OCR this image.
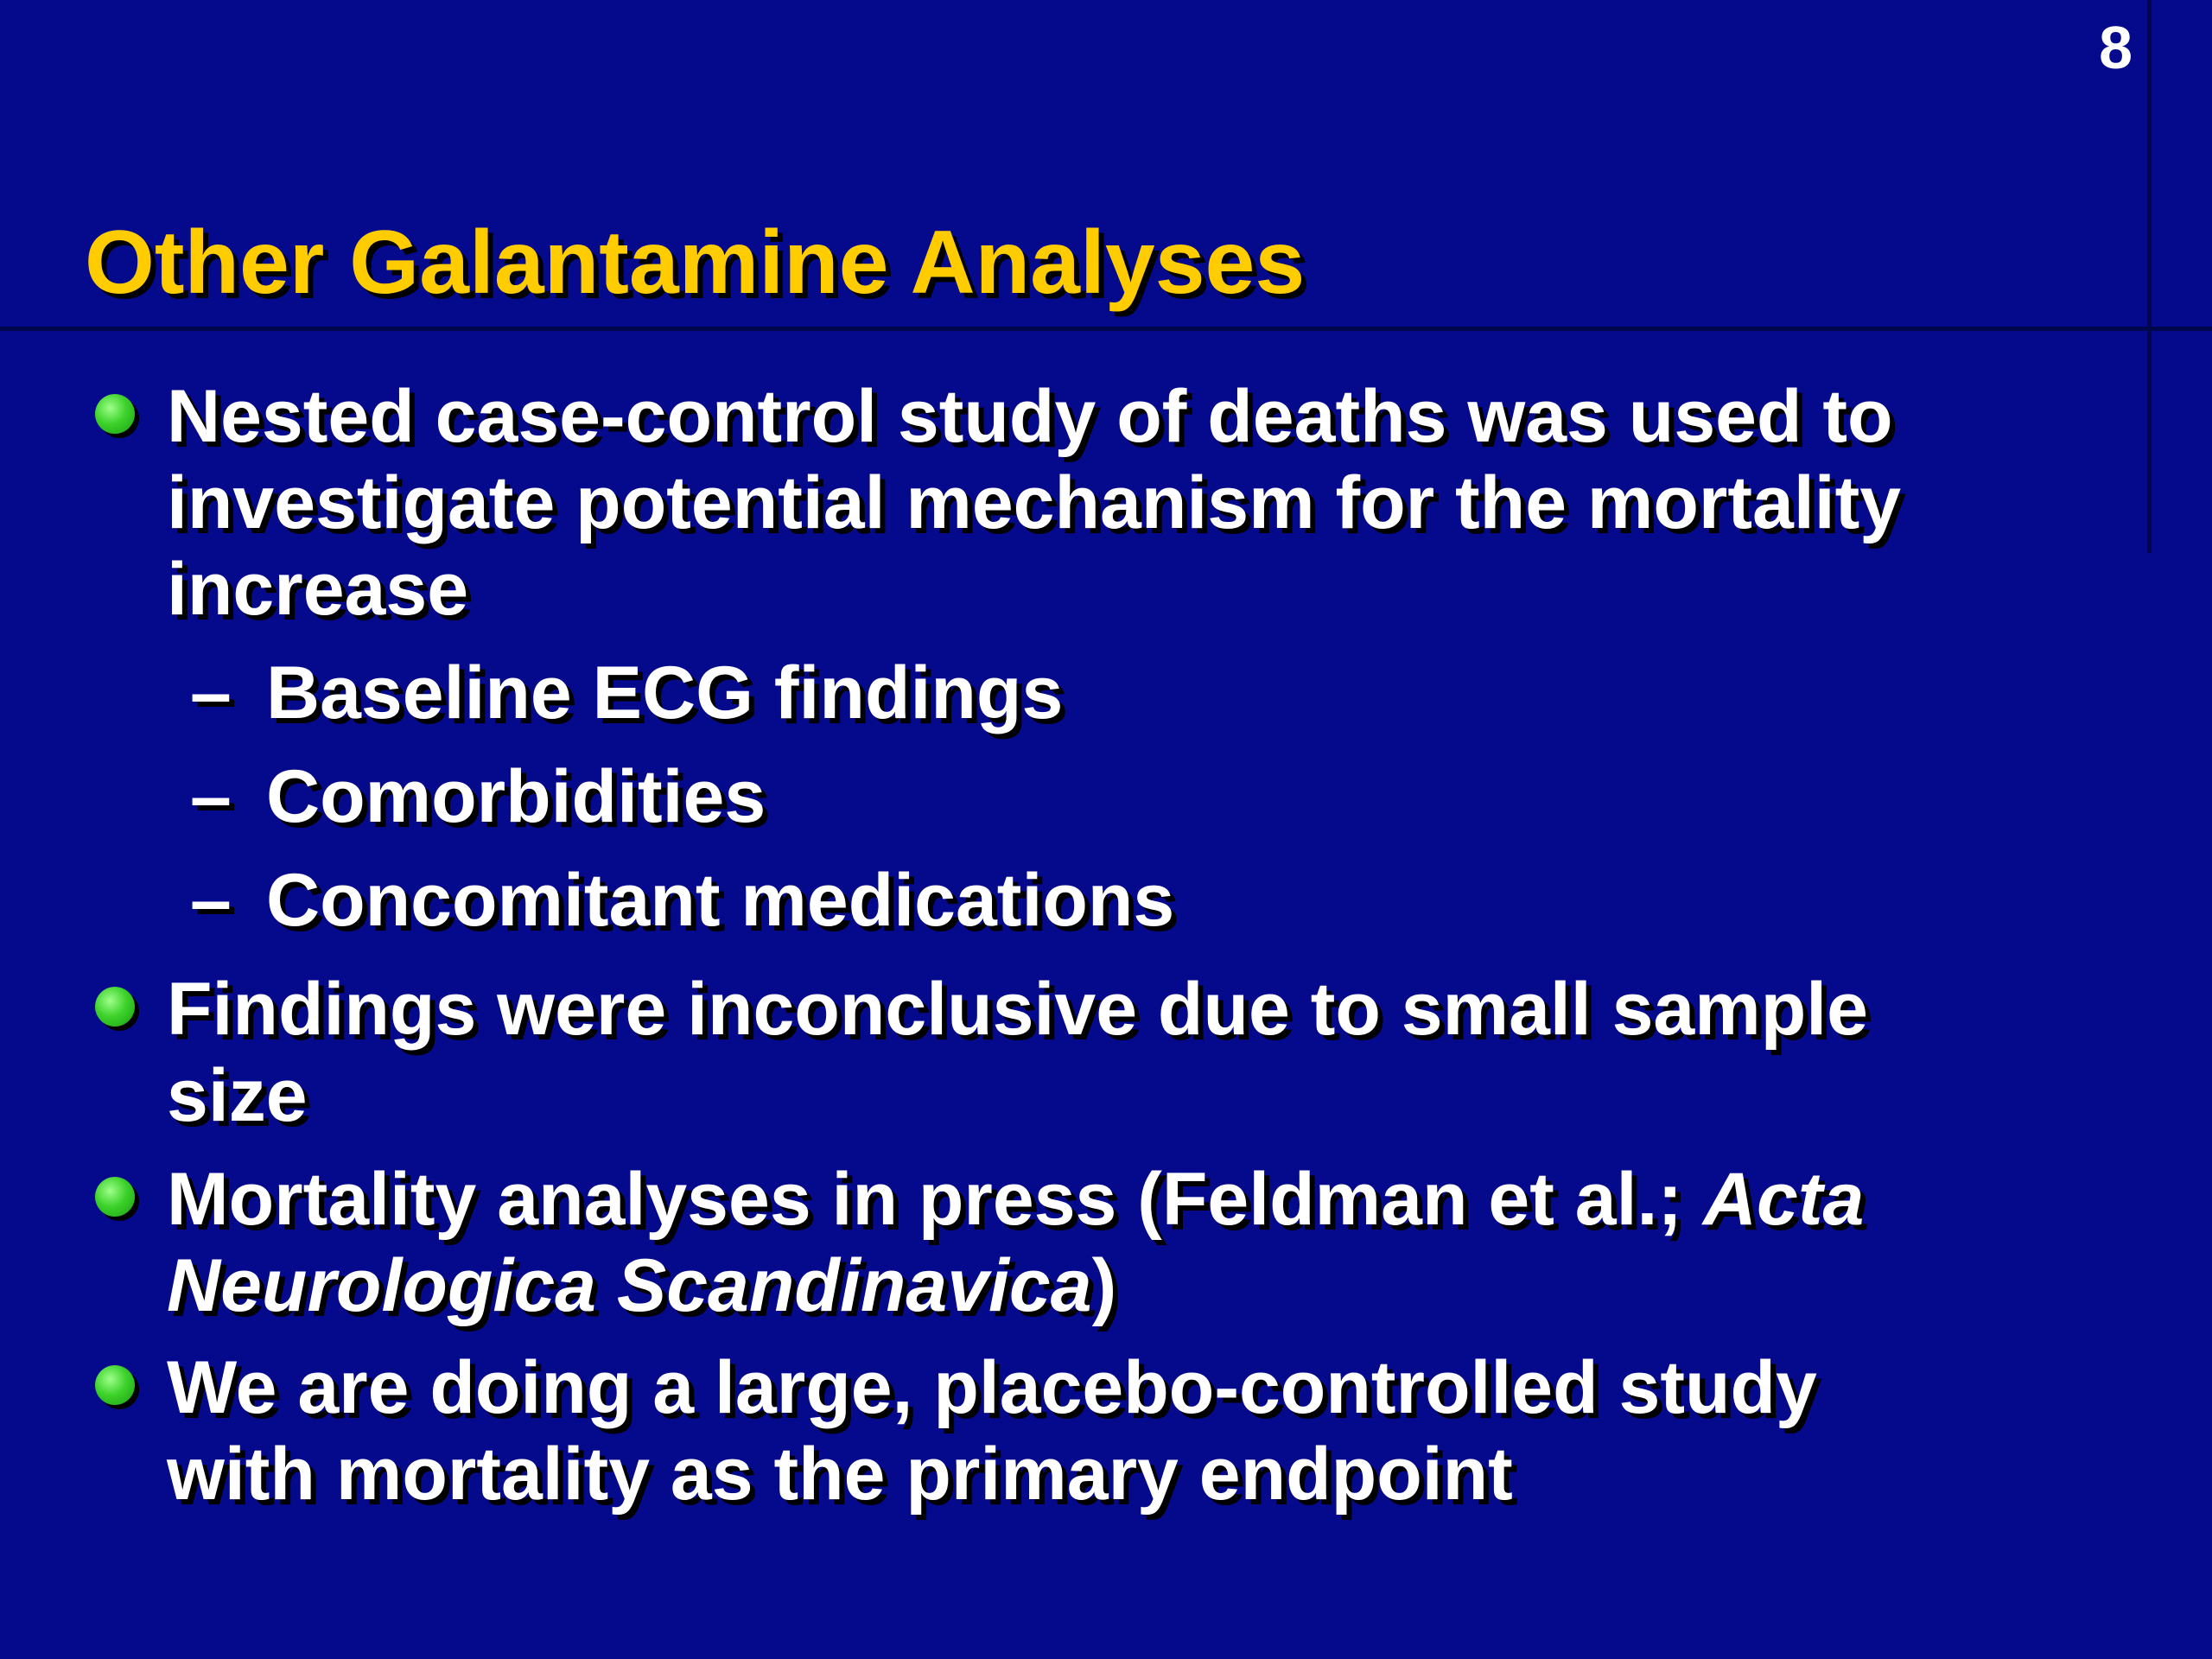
8
Other Galantamine Analyses

Nested case-control study of deaths was used to

investigate potential mechanism for the mortality

increase

– Baseline ECG findings

– Comorbidities

– Concomitant medications

Findings were inconclusive due to small sample

size

Mortality analyses in press (Feldman et al.; Acta

Neurologica Scandinavica)

We are doing a large, placebo-controlled study

with mortality as the primary endpoint
